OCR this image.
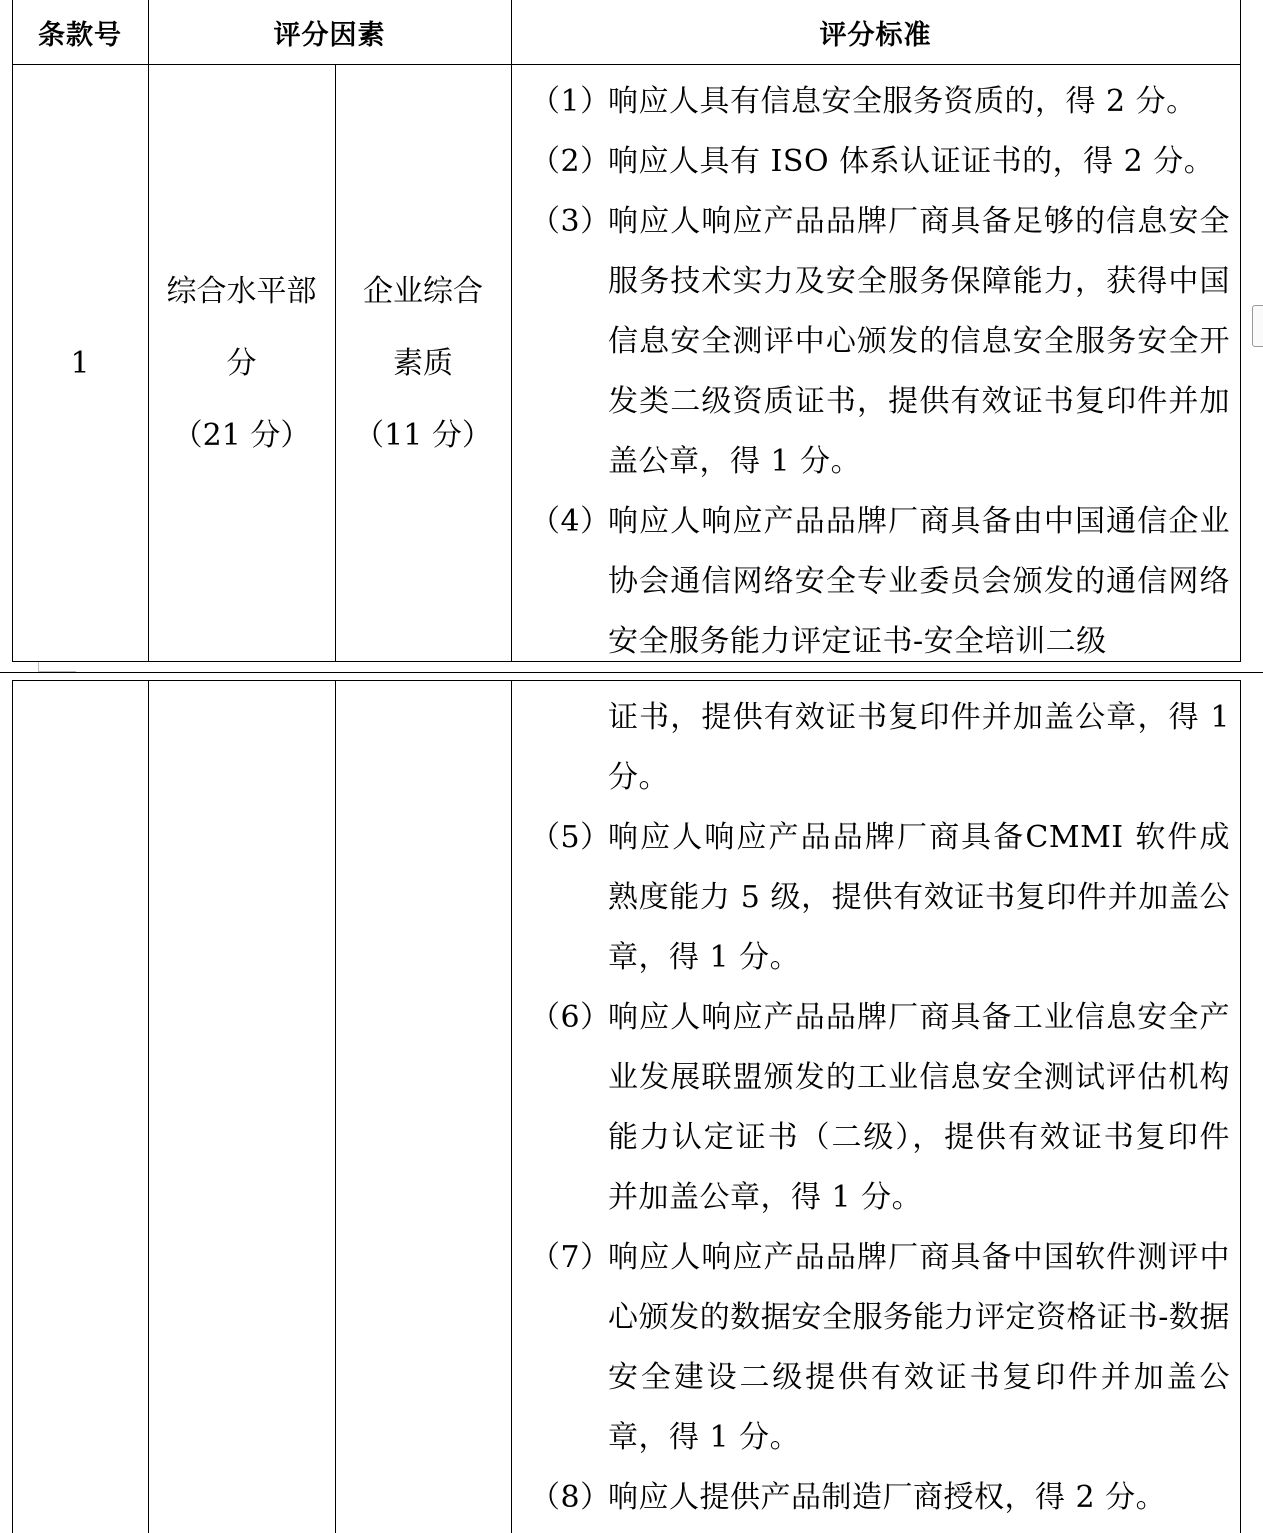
条款号	评分因素	评分标准
1
综合水平部
分
（21 分）
企业综合
素质
（11 分）
（1）
响应人具有信息安全服务资质的，得 2 分。
（2）
响应人具有 ISO 体系认证证书的，得 2 分。
（3）
响应人响应产品品牌厂商具备足够的信息安全服务技术实力及安全服务保障能力，获得中国信息安全测评中心颁发的信息安全服务安全开发类二级资质证书，提供有效证书复印件并加盖公章，得 1 分。
（4）
响应人响应产品品牌厂商具备由中国通信企业协会通信网络安全专业委员会颁发的通信网络安全服务能力评定证书-安全培训二级
证书，提供有效证书复印件并加盖公章，得 1 分。
（5）
响应人响应产品品牌厂商具备CMMI 软件成熟度能力 5 级，提供有效证书复印件并加盖公章，得 1 分。
（6）
响应人响应产品品牌厂商具备工业信息安全产业发展联盟颁发的工业信息安全测试评估机构能力认定证书（二级），提供有效证书复印件并加盖公章，得 1 分。
（7）
响应人响应产品品牌厂商具备中国软件测评中心颁发的数据安全服务能力评定资格证书-数据安全建设二级提供有效证书复印件并加盖公章，得 1 分。
（8）
响应人提供产品制造厂商授权，得 2 分。
